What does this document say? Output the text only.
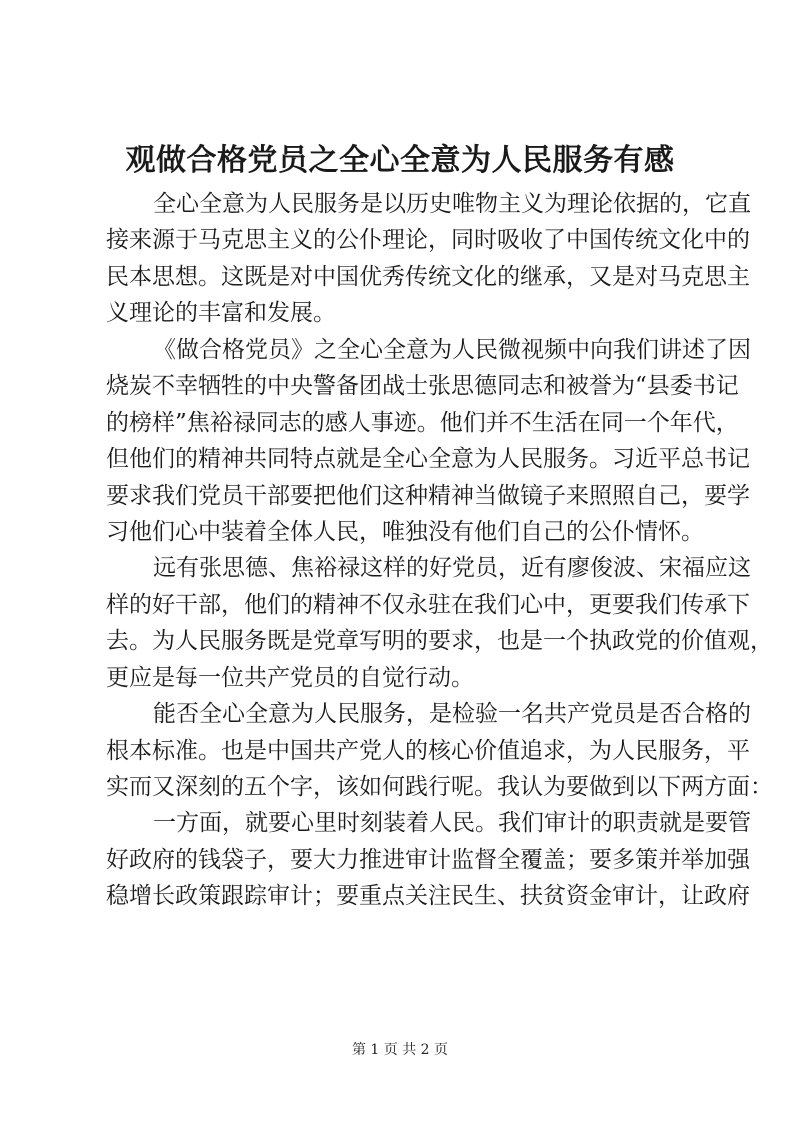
观做合格党员之全心全意为人民服务有感
全心全意为人民服务是以历史唯物主义为理论依据的，它直
接来源于马克思主义的公仆理论，同时吸收了中国传统文化中的
民本思想。这既是对中国优秀传统文化的继承，又是对马克思主
义理论的丰富和发展。
《做合格党员》之全心全意为人民微视频中向我们讲述了因
烧炭不幸牺牲的中央警备团战士张思德同志和被誉为“县委书记
的榜样”焦裕禄同志的感人事迹。他们并不生活在同一个年代，
但他们的精神共同特点就是全心全意为人民服务。习近平总书记
要求我们党员干部要把他们这种精神当做镜子来照照自己，要学
习他们心中装着全体人民，唯独没有他们自己的公仆情怀。
远有张思德、焦裕禄这样的好党员，近有廖俊波、宋福应这
样的好干部，他们的精神不仅永驻在我们心中，更要我们传承下
去。为人民服务既是党章写明的要求，也是一个执政党的价值观，
更应是每一位共产党员的自觉行动。
能否全心全意为人民服务，是检验一名共产党员是否合格的
根本标准。也是中国共产党人的核心价值追求，为人民服务，平
实而又深刻的五个字，该如何践行呢。我认为要做到以下两方面：
一方面，就要心里时刻装着人民。我们审计的职责就是要管
好政府的钱袋子，要大力推进审计监督全覆盖；要多策并举加强
稳增长政策跟踪审计；要重点关注民生、扶贫资金审计，让政府
第 1 页 共 2 页
